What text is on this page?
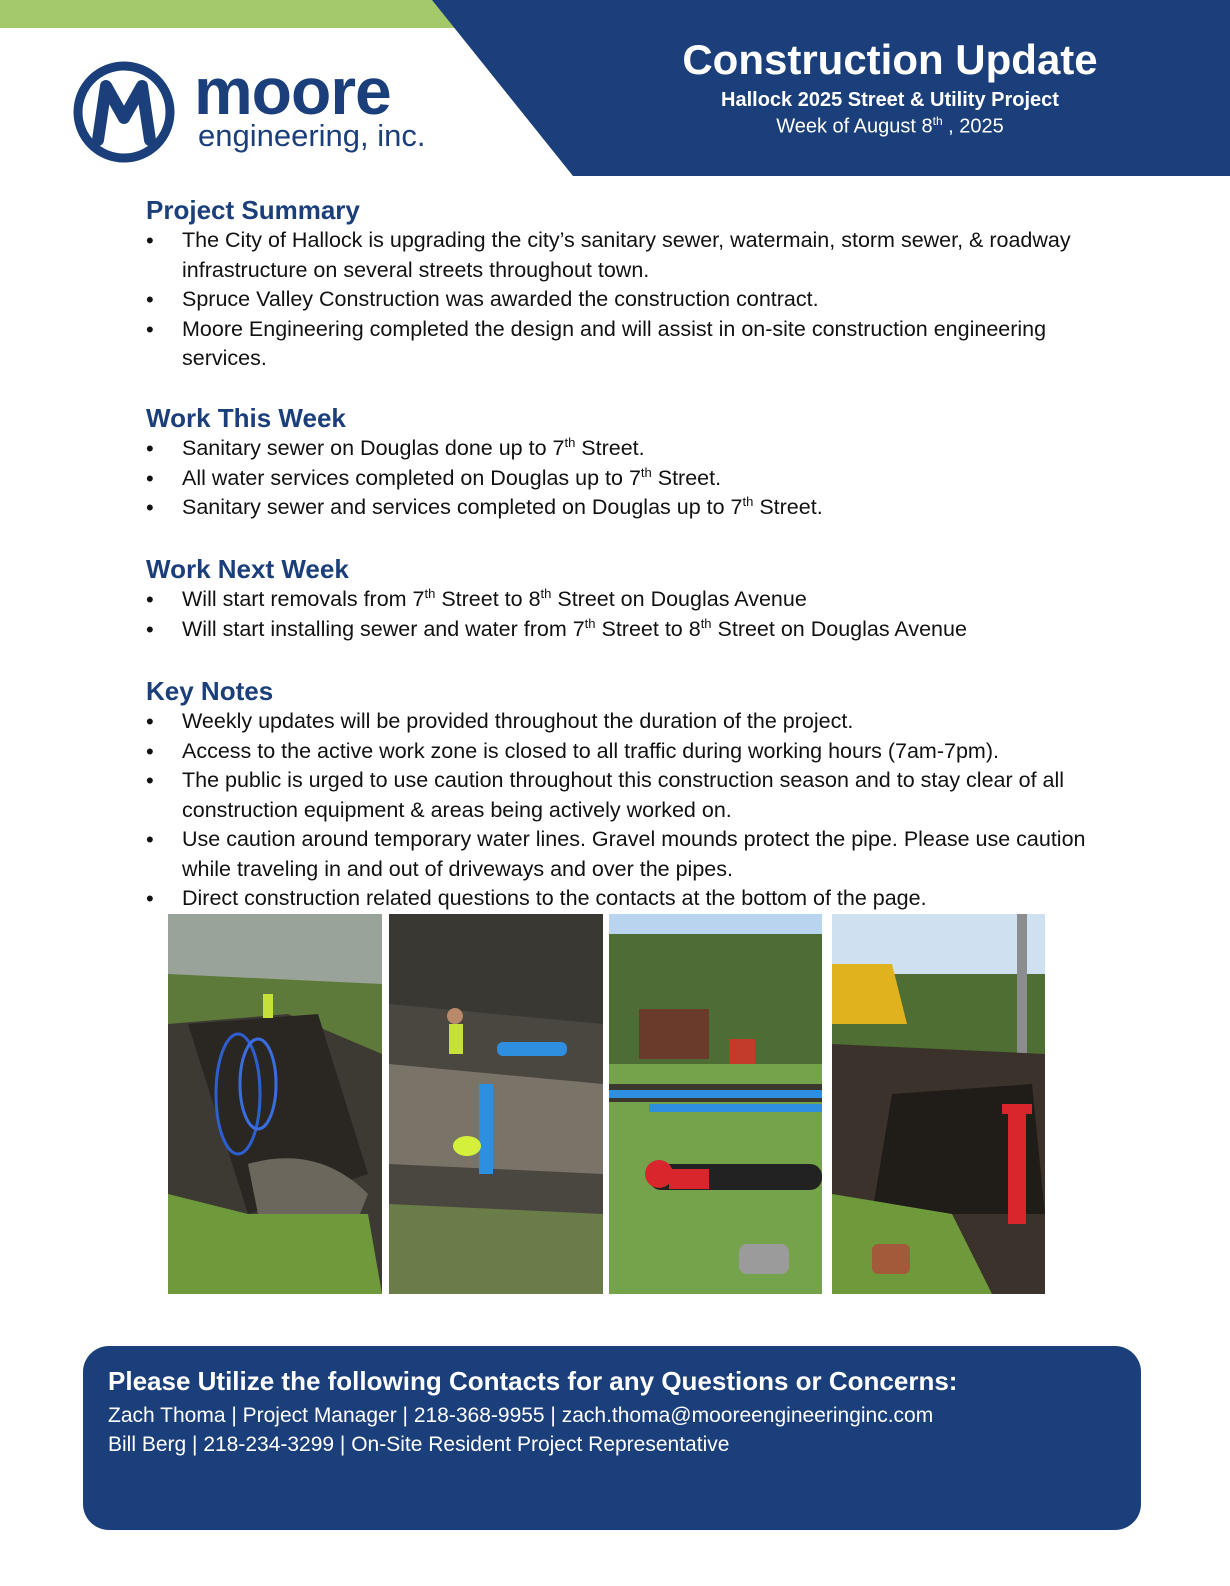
Construction Update
Hallock 2025 Street & Utility Project
Week of August 8th , 2025
moore
engineering, inc.
Project Summary
• The City of Hallock is upgrading the city’s sanitary sewer, watermain, storm sewer, & roadway infrastructure on several streets throughout town.
• Spruce Valley Construction was awarded the construction contract.
• Moore Engineering completed the design and will assist in on-site construction engineering services.
Work This Week
• Sanitary sewer on Douglas done up to 7th Street.
• All water services completed on Douglas up to 7th Street.
• Sanitary sewer and services completed on Douglas up to 7th Street.
Work Next Week
• Will start removals from 7th Street to 8th Street on Douglas Avenue
• Will start installing sewer and water from 7th Street to 8th Street on Douglas Avenue
Key Notes
• Weekly updates will be provided throughout the duration of the project.
• Access to the active work zone is closed to all traffic during working hours (7am-7pm).
• The public is urged to use caution throughout this construction season and to stay clear of all construction equipment & areas being actively worked on.
• Use caution around temporary water lines. Gravel mounds protect the pipe. Please use caution while traveling in and out of driveways and over the pipes.
• Direct construction related questions to the contacts at the bottom of the page.
Please Utilize the following Contacts for any Questions or Concerns:
Zach Thoma | Project Manager | 218-368-9955 | zach.thoma@mooreengineeringinc.com
Bill Berg | 218-234-3299 | On-Site Resident Project Representative
